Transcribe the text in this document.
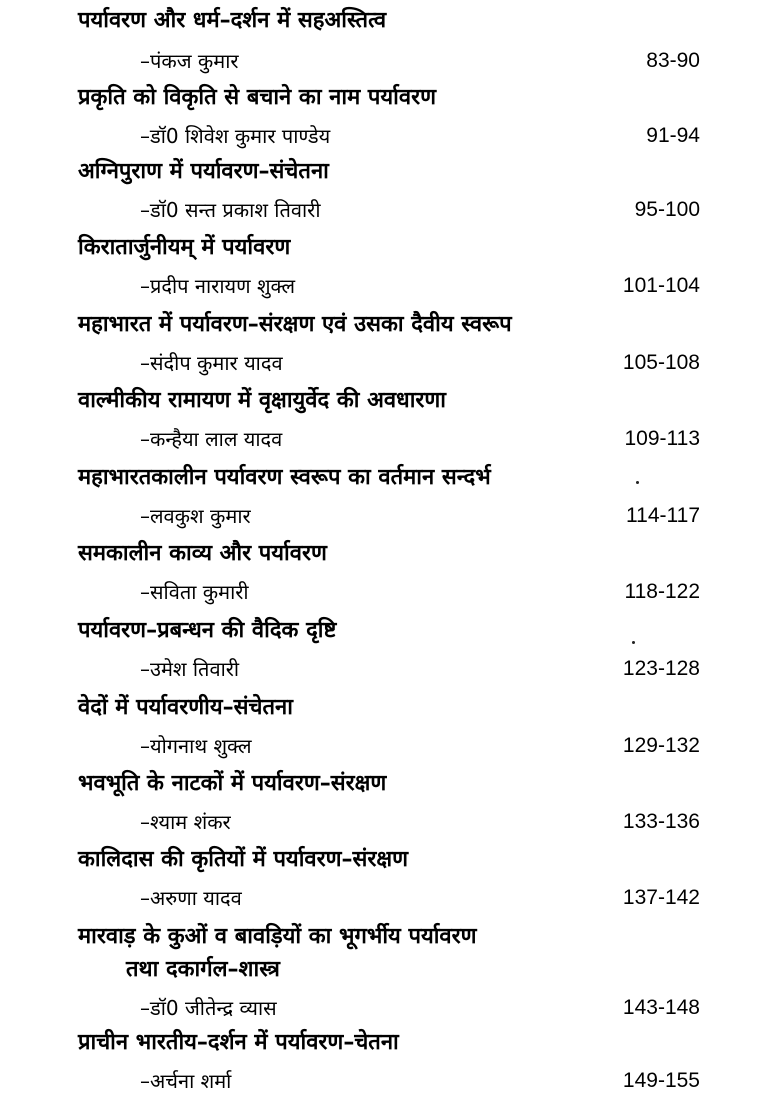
पर्यावरण और धर्म–दर्शन में सहअस्तित्व
–पंकज कुमार	83-90
प्रकृति को विकृति से बचाने का नाम पर्यावरण
–डॉ0 शिवेश कुमार पाण्डेय	91-94
अग्निपुराण में पर्यावरण–संचेतना
–डॉ0 सन्त प्रकाश तिवारी	95-100
किरातार्जुनीयम् में पर्यावरण
–प्रदीप नारायण शुक्ल	101-104
महाभारत में पर्यावरण–संरक्षण एवं उसका दैवीय स्वरूप
–संदीप कुमार यादव	105-108
वाल्मीकीय रामायण में वृक्षायुर्वेद की अवधारणा
–कन्हैया लाल यादव	109-113
महाभारतकालीन पर्यावरण स्वरूप का वर्तमान सन्दर्भ
–लवकुश कुमार	114-117
समकालीन काव्य और पर्यावरण
–सविता कुमारी	118-122
पर्यावरण–प्रबन्धन की वैदिक दृष्टि
–उमेश तिवारी	123-128
वेदों में पर्यावरणीय–संचेतना
–योगनाथ शुक्ल	129-132
भवभूति के नाटकों में पर्यावरण–संरक्षण
–श्याम शंकर	133-136
कालिदास की कृतियों में पर्यावरण–संरक्षण
–अरुणा यादव	137-142
मारवाड़ के कुओं व बावड़ियों का भूगर्भीय पर्यावरण
तथा दकार्गल–शास्त्र
–डॉ0 जीतेन्द्र व्यास	143-148
प्राचीन भारतीय–दर्शन में पर्यावरण–चेतना
–अर्चना शर्मा	149-155
